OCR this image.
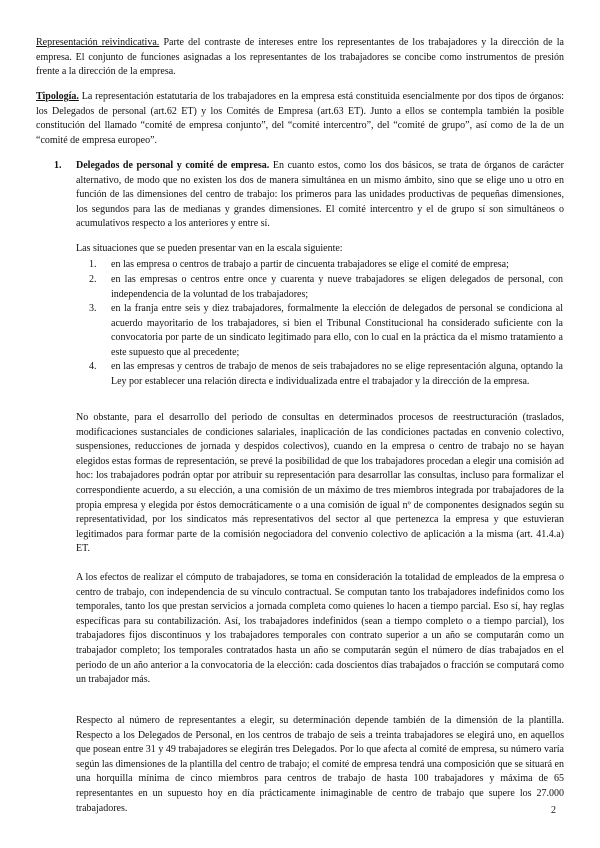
Representación reivindicativa. Parte del contraste de intereses entre los representantes de los trabajadores y la dirección de la empresa. El conjunto de funciones asignadas a los representantes de los trabajadores se concibe como instrumentos de presión frente a la dirección de la empresa.

Tipología. La representación estatutaria de los trabajadores en la empresa está constituida esencialmente por dos tipos de órganos: los Delegados de personal (art.62 ET) y los Comités de Empresa (art.63 ET). Junto a ellos se contempla también la posible constitución del llamado “comité de empresa conjunto”, del “comité intercentro”, del “comité de grupo”, así como de la de un “comité de empresa europeo”.

1. Delegados de personal y comité de empresa. En cuanto estos, como los dos básicos, se trata de órganos de carácter alternativo, de modo que no existen los dos de manera simultánea en un mismo ámbito, sino que se elige uno u otro en función de las dimensiones del centro de trabajo: los primeros para las unidades productivas de pequeñas dimensiones, los segundos para las de medianas y grandes dimensiones. El comité intercentro y el de grupo sí son simultáneos o acumulativos respecto a los anteriores y entre sí.

Las situaciones que se pueden presentar van en la escala siguiente:

1. en las empresa o centros de trabajo a partir de cincuenta trabajadores se elige el comité de empresa;
2. en las empresas o centros entre once y cuarenta y nueve trabajadores se eligen delegados de personal, con independencia de la voluntad de los trabajadores;
3. en la franja entre seis y diez trabajadores, formalmente la elección de delegados de personal se condiciona al acuerdo mayoritario de los trabajadores, si bien el Tribunal Constitucional ha considerado suficiente con la convocatoria por parte de un sindicato legitimado para ello, con lo cual en la práctica da el mismo tratamiento a este supuesto que al precedente;
4. en las empresas y centros de trabajo de menos de seis trabajadores no se elige representación alguna, optando la Ley por establecer una relación directa e individualizada entre el trabajador y la dirección de la empresa.

No obstante, para el desarrollo del periodo de consultas en determinados procesos de reestructuración (traslados, modificaciones sustanciales de condiciones salariales, inaplicación de las condiciones pactadas en convenio colectivo, suspensiones, reducciones de jornada y despidos colectivos), cuando en la empresa o centro de trabajo no se hayan elegidos estas formas de representación, se prevé la posibilidad de que los trabajadores procedan a elegir una comisión ad hoc: los trabajadores podrán optar por atribuir su representación para desarrollar las consultas, incluso para formalizar el correspondiente acuerdo, a su elección, a una comisión de un máximo de tres miembros integrada por trabajadores de la propia empresa y elegida por éstos democráticamente o a una comisión de igual nº de componentes designados según su representatividad, por los sindicatos más representativos del sector al que pertenezca la empresa y que estuvieran legitimados para formar parte de la comisión negociadora del convenio colectivo de aplicación a la misma (art. 41.4.a) ET.

A los efectos de realizar el cómputo de trabajadores, se toma en consideración la totalidad de empleados de la empresa o centro de trabajo, con independencia de su vínculo contractual. Se computan tanto los trabajadores indefinidos como los temporales, tanto los que prestan servicios a jornada completa como quienes lo hacen a tiempo parcial. Eso sí, hay reglas específicas para su contabilización. Así, los trabajadores indefinidos (sean a tiempo completo o a tiempo parcial), los trabajadores fijos discontinuos y los trabajadores temporales con contrato superior a un año se computarán como un trabajador completo; los temporales contratados hasta un año se computarán según el número de días trabajados en el periodo de un año anterior a la convocatoria de la elección: cada doscientos días trabajados o fracción se computará como un trabajador más.

Respecto al número de representantes a elegir, su determinación depende también de la dimensión de la plantilla. Respecto a los Delegados de Personal, en los centros de trabajo de seis a treinta trabajadores se elegirá uno, en aquellos que posean entre 31 y 49 trabajadores se elegirán tres Delegados. Por lo que afecta al comité de empresa, su número varía según las dimensiones de la plantilla del centro de trabajo; el comité de empresa tendrá una composición que se situará en una horquilla mínima de cinco miembros para centros de trabajo de hasta 100 trabajadores y máxima de 65 representantes en un supuesto hoy en día prácticamente inimaginable de centro de trabajo que supere los 27.000 trabajadores.	2
